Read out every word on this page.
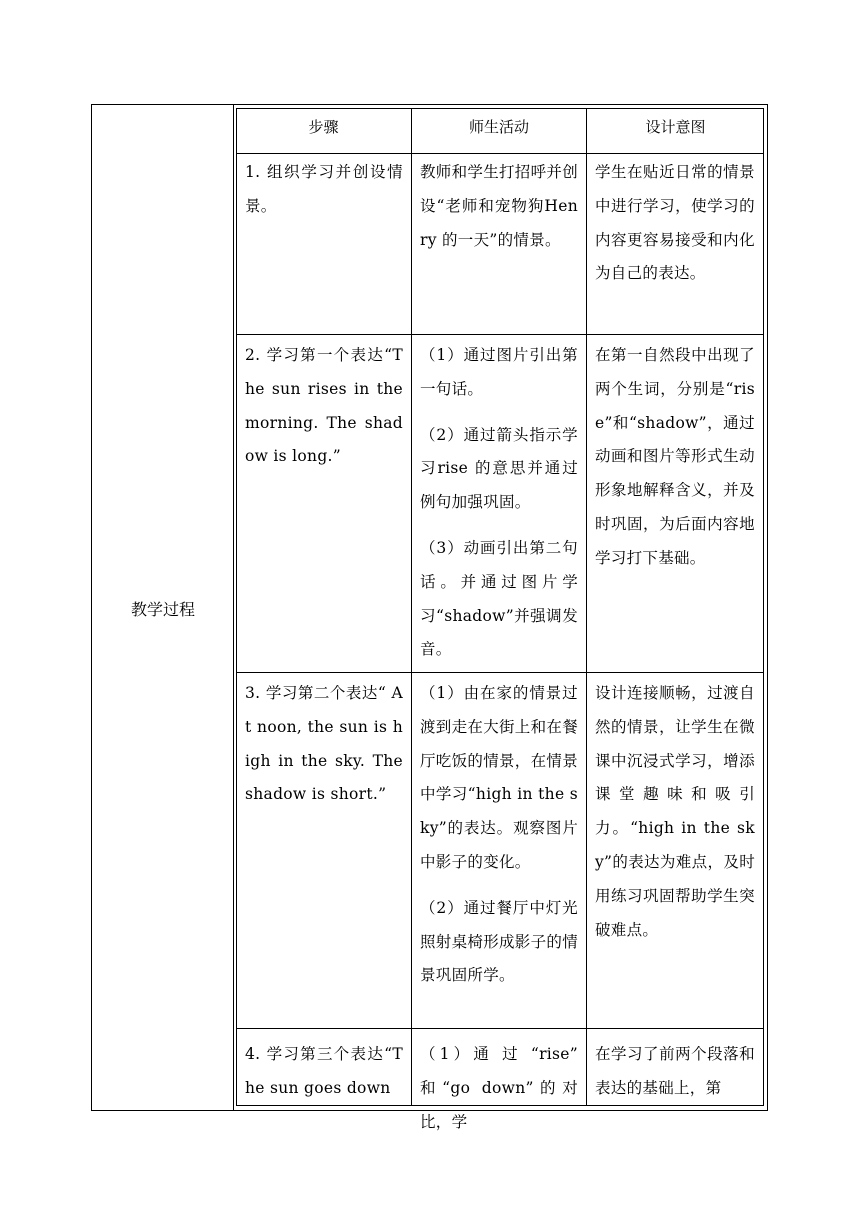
教学过程
步骤	师生活动	设计意图

1. 组织学习并创设情景。

教师和学生打招呼并创设“老师和宠物狗Henry 的一天”的情景。

学生在贴近日常的情景中进行学习，使学习的内容更容易接受和内化为自己的表达。

2. 学习第一个表达“The sun rises in the morning. The shadow is long.”

（1）通过图片引出第一句话。

（2）通过箭头指示学习rise 的意思并通过例句加强巩固。

（3）动画引出第二句话。并通过图片学习“shadow”并强调发音。

在第一自然段中出现了两个生词，分别是“rise”和“shadow”，通过动画和图片等形式生动形象地解释含义，并及时巩固，为后面内容地学习打下基础。

3. 学习第二个表达“ At noon, the sun is high in the sky. The shadow is short.”

（1）由在家的情景过渡到走在大街上和在餐厅吃饭的情景，在情景中学习“high in the sky”的表达。观察图片中影子的变化。

（2）通过餐厅中灯光照射桌椅形成影子的情景巩固所学。

设计连接顺畅，过渡自然的情景，让学生在微课中沉浸式学习，增添课堂趣味和吸引力。“high in the sky”的表达为难点，及时用练习巩固帮助学生突破难点。

4. 学习第三个表达“The sun goes down

（1）通 过 “rise” 和“go down”的对比，学

在学习了前两个段落和表达的基础上，第
